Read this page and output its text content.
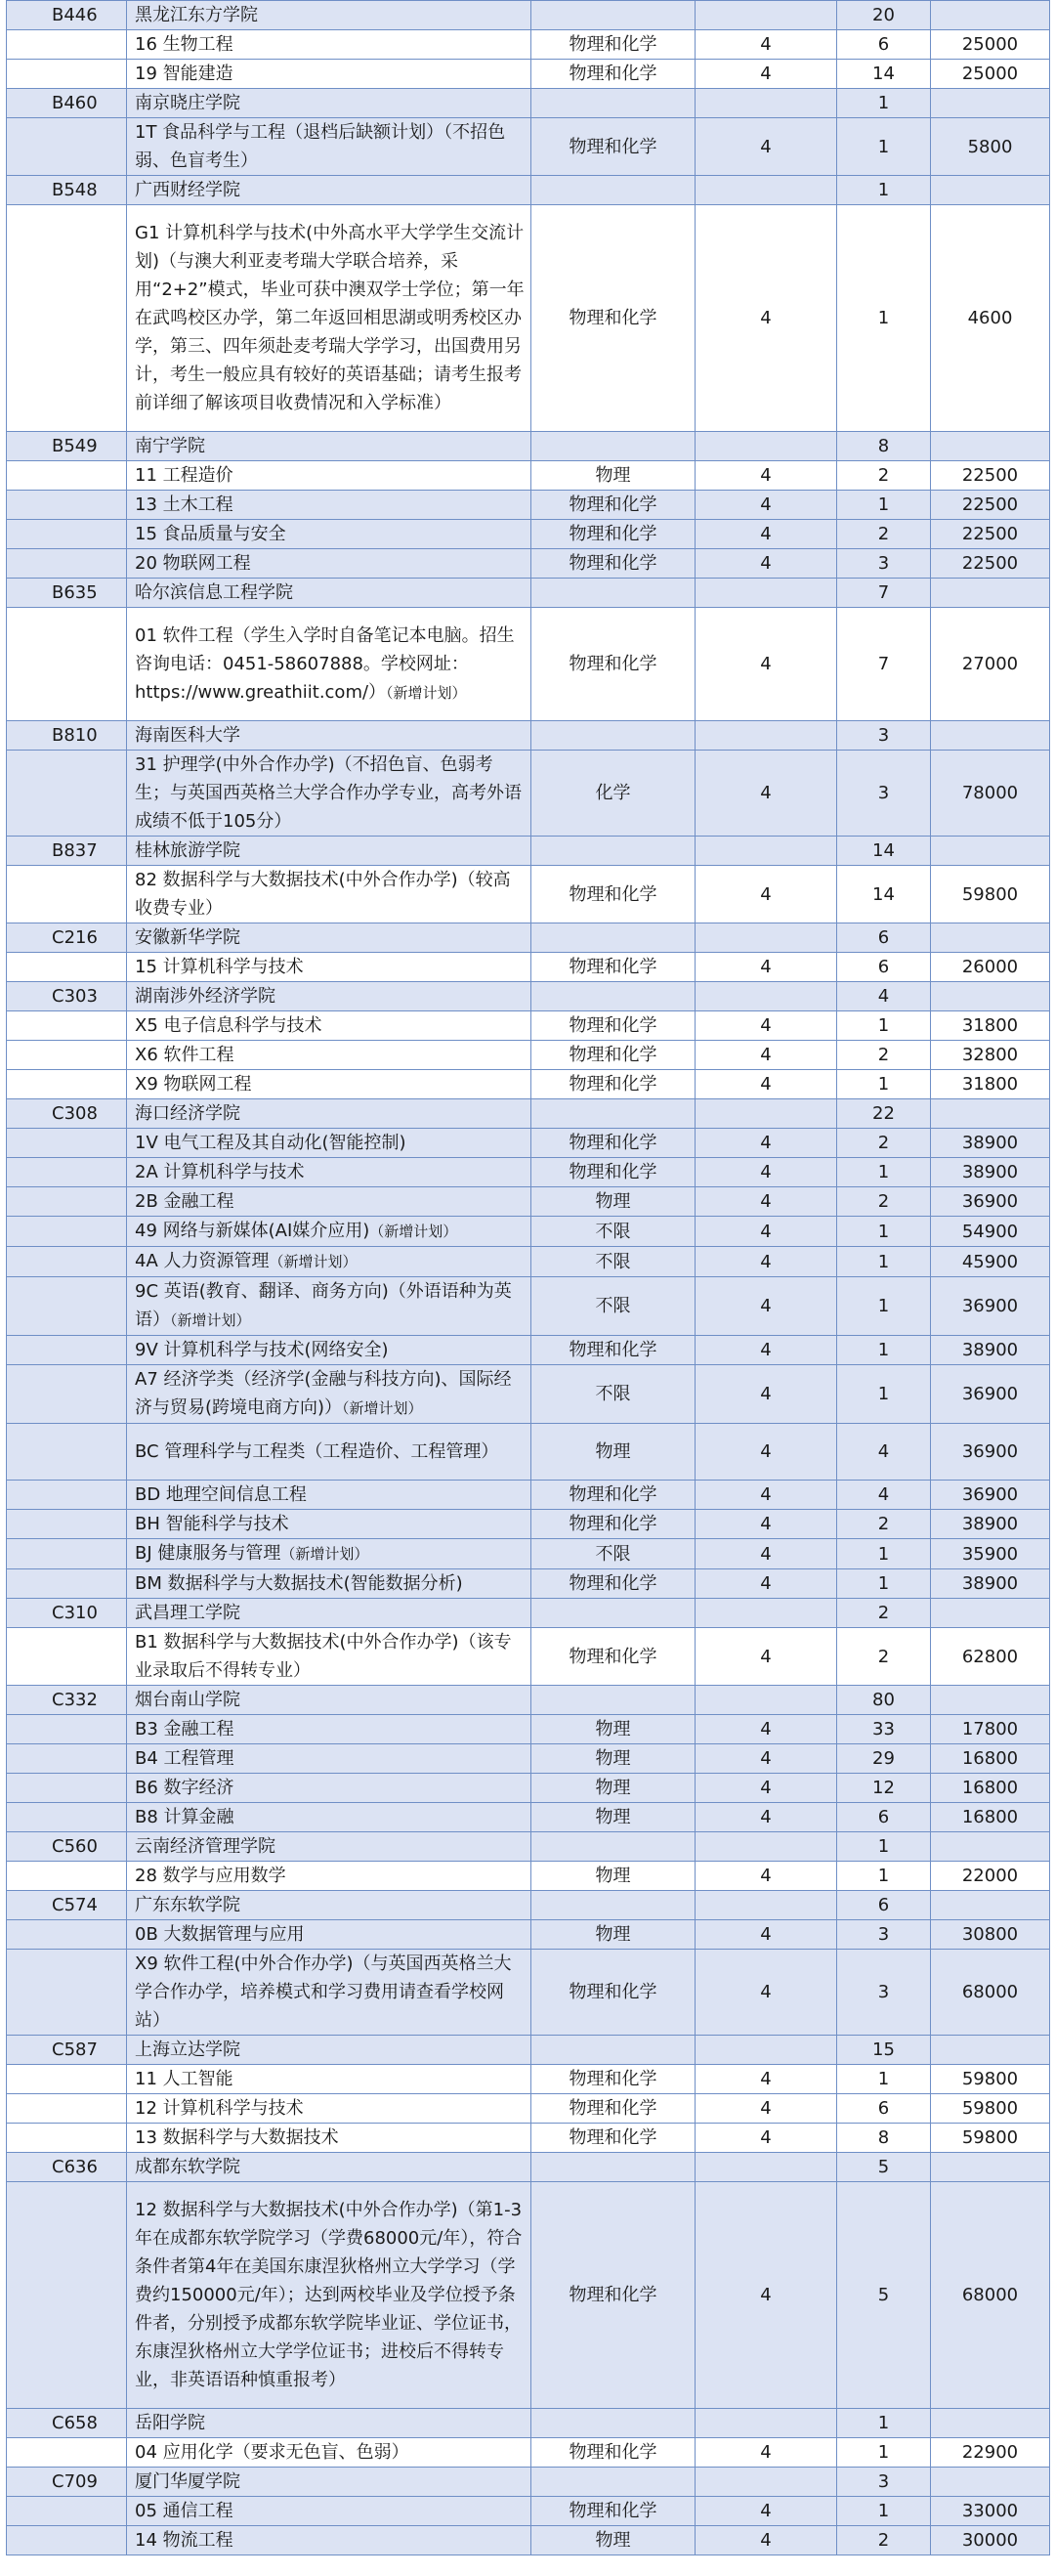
B446	黑龙江东方学院			20	
	16 生物工程	物理和化学	4	6	25000
	19 智能建造	物理和化学	4	14	25000
B460	南京晓庄学院			1	
	1T 食品科学与工程（退档后缺额计划）（不招色弱、色盲考生）	物理和化学	4	1	5800
B548	广西财经学院			1	
	G1 计算机科学与技术(中外高水平大学学生交流计划)（与澳大利亚麦考瑞大学联合培养，采用“2+2”模式，毕业可获中澳双学士学位；第一年在武鸣校区办学，第二年返回相思湖或明秀校区办学，第三、四年须赴麦考瑞大学学习，出国费用另计，考生一般应具有较好的英语基础；请考生报考前详细了解该项目收费情况和入学标准）	物理和化学	4	1	4600
B549	南宁学院			8	
	11 工程造价	物理	4	2	22500
	13 土木工程	物理和化学	4	1	22500
	15 食品质量与安全	物理和化学	4	2	22500
	20 物联网工程	物理和化学	4	3	22500
B635	哈尔滨信息工程学院			7	
	01 软件工程（学生入学时自备笔记本电脑。招生咨询电话：0451-58607888。学校网址：https://www.greathiit.com/）（新增计划）	物理和化学	4	7	27000
B810	海南医科大学			3	
	31 护理学(中外合作办学)（不招色盲、色弱考生；与英国西英格兰大学合作办学专业，高考外语成绩不低于105分）	化学	4	3	78000
B837	桂林旅游学院			14	
	82 数据科学与大数据技术(中外合作办学)（较高收费专业）	物理和化学	4	14	59800
C216	安徽新华学院			6	
	15 计算机科学与技术	物理和化学	4	6	26000
C303	湖南涉外经济学院			4	
	X5 电子信息科学与技术	物理和化学	4	1	31800
	X6 软件工程	物理和化学	4	2	32800
	X9 物联网工程	物理和化学	4	1	31800
C308	海口经济学院			22	
	1V 电气工程及其自动化(智能控制)	物理和化学	4	2	38900
	2A 计算机科学与技术	物理和化学	4	1	38900
	2B 金融工程	物理	4	2	36900
	49 网络与新媒体(AI媒介应用)（新增计划）	不限	4	1	54900
	4A 人力资源管理（新增计划）	不限	4	1	45900
	9C 英语(教育、翻译、商务方向)（外语语种为英语）（新增计划）	不限	4	1	36900
	9V 计算机科学与技术(网络安全)	物理和化学	4	1	38900
	A7 经济学类（经济学(金融与科技方向)、国际经济与贸易(跨境电商方向)）（新增计划）	不限	4	1	36900
	BC 管理科学与工程类（工程造价、工程管理）	物理	4	4	36900
	BD 地理空间信息工程	物理和化学	4	4	36900
	BH 智能科学与技术	物理和化学	4	2	38900
	BJ 健康服务与管理（新增计划）	不限	4	1	35900
	BM 数据科学与大数据技术(智能数据分析)	物理和化学	4	1	38900
C310	武昌理工学院			2	
	B1 数据科学与大数据技术(中外合作办学)（该专业录取后不得转专业）	物理和化学	4	2	62800
C332	烟台南山学院			80	
	B3 金融工程	物理	4	33	17800
	B4 工程管理	物理	4	29	16800
	B6 数字经济	物理	4	12	16800
	B8 计算金融	物理	4	6	16800
C560	云南经济管理学院			1	
	28 数学与应用数学	物理	4	1	22000
C574	广东东软学院			6	
	0B 大数据管理与应用	物理	4	3	30800
	X9 软件工程(中外合作办学)（与英国西英格兰大学合作办学，培养模式和学习费用请查看学校网站）	物理和化学	4	3	68000
C587	上海立达学院			15	
	11 人工智能	物理和化学	4	1	59800
	12 计算机科学与技术	物理和化学	4	6	59800
	13 数据科学与大数据技术	物理和化学	4	8	59800
C636	成都东软学院			5	
	12 数据科学与大数据技术(中外合作办学)（第1-3年在成都东软学院学习（学费68000元/年），符合条件者第4年在美国东康涅狄格州立大学学习（学费约150000元/年）；达到两校毕业及学位授予条件者，分别授予成都东软学院毕业证、学位证书，东康涅狄格州立大学学位证书；进校后不得转专业，非英语语种慎重报考）	物理和化学	4	5	68000
C658	岳阳学院			1	
	04 应用化学（要求无色盲、色弱）	物理和化学	4	1	22900
C709	厦门华厦学院			3	
	05 通信工程	物理和化学	4	1	33000
	14 物流工程	物理	4	2	30000
